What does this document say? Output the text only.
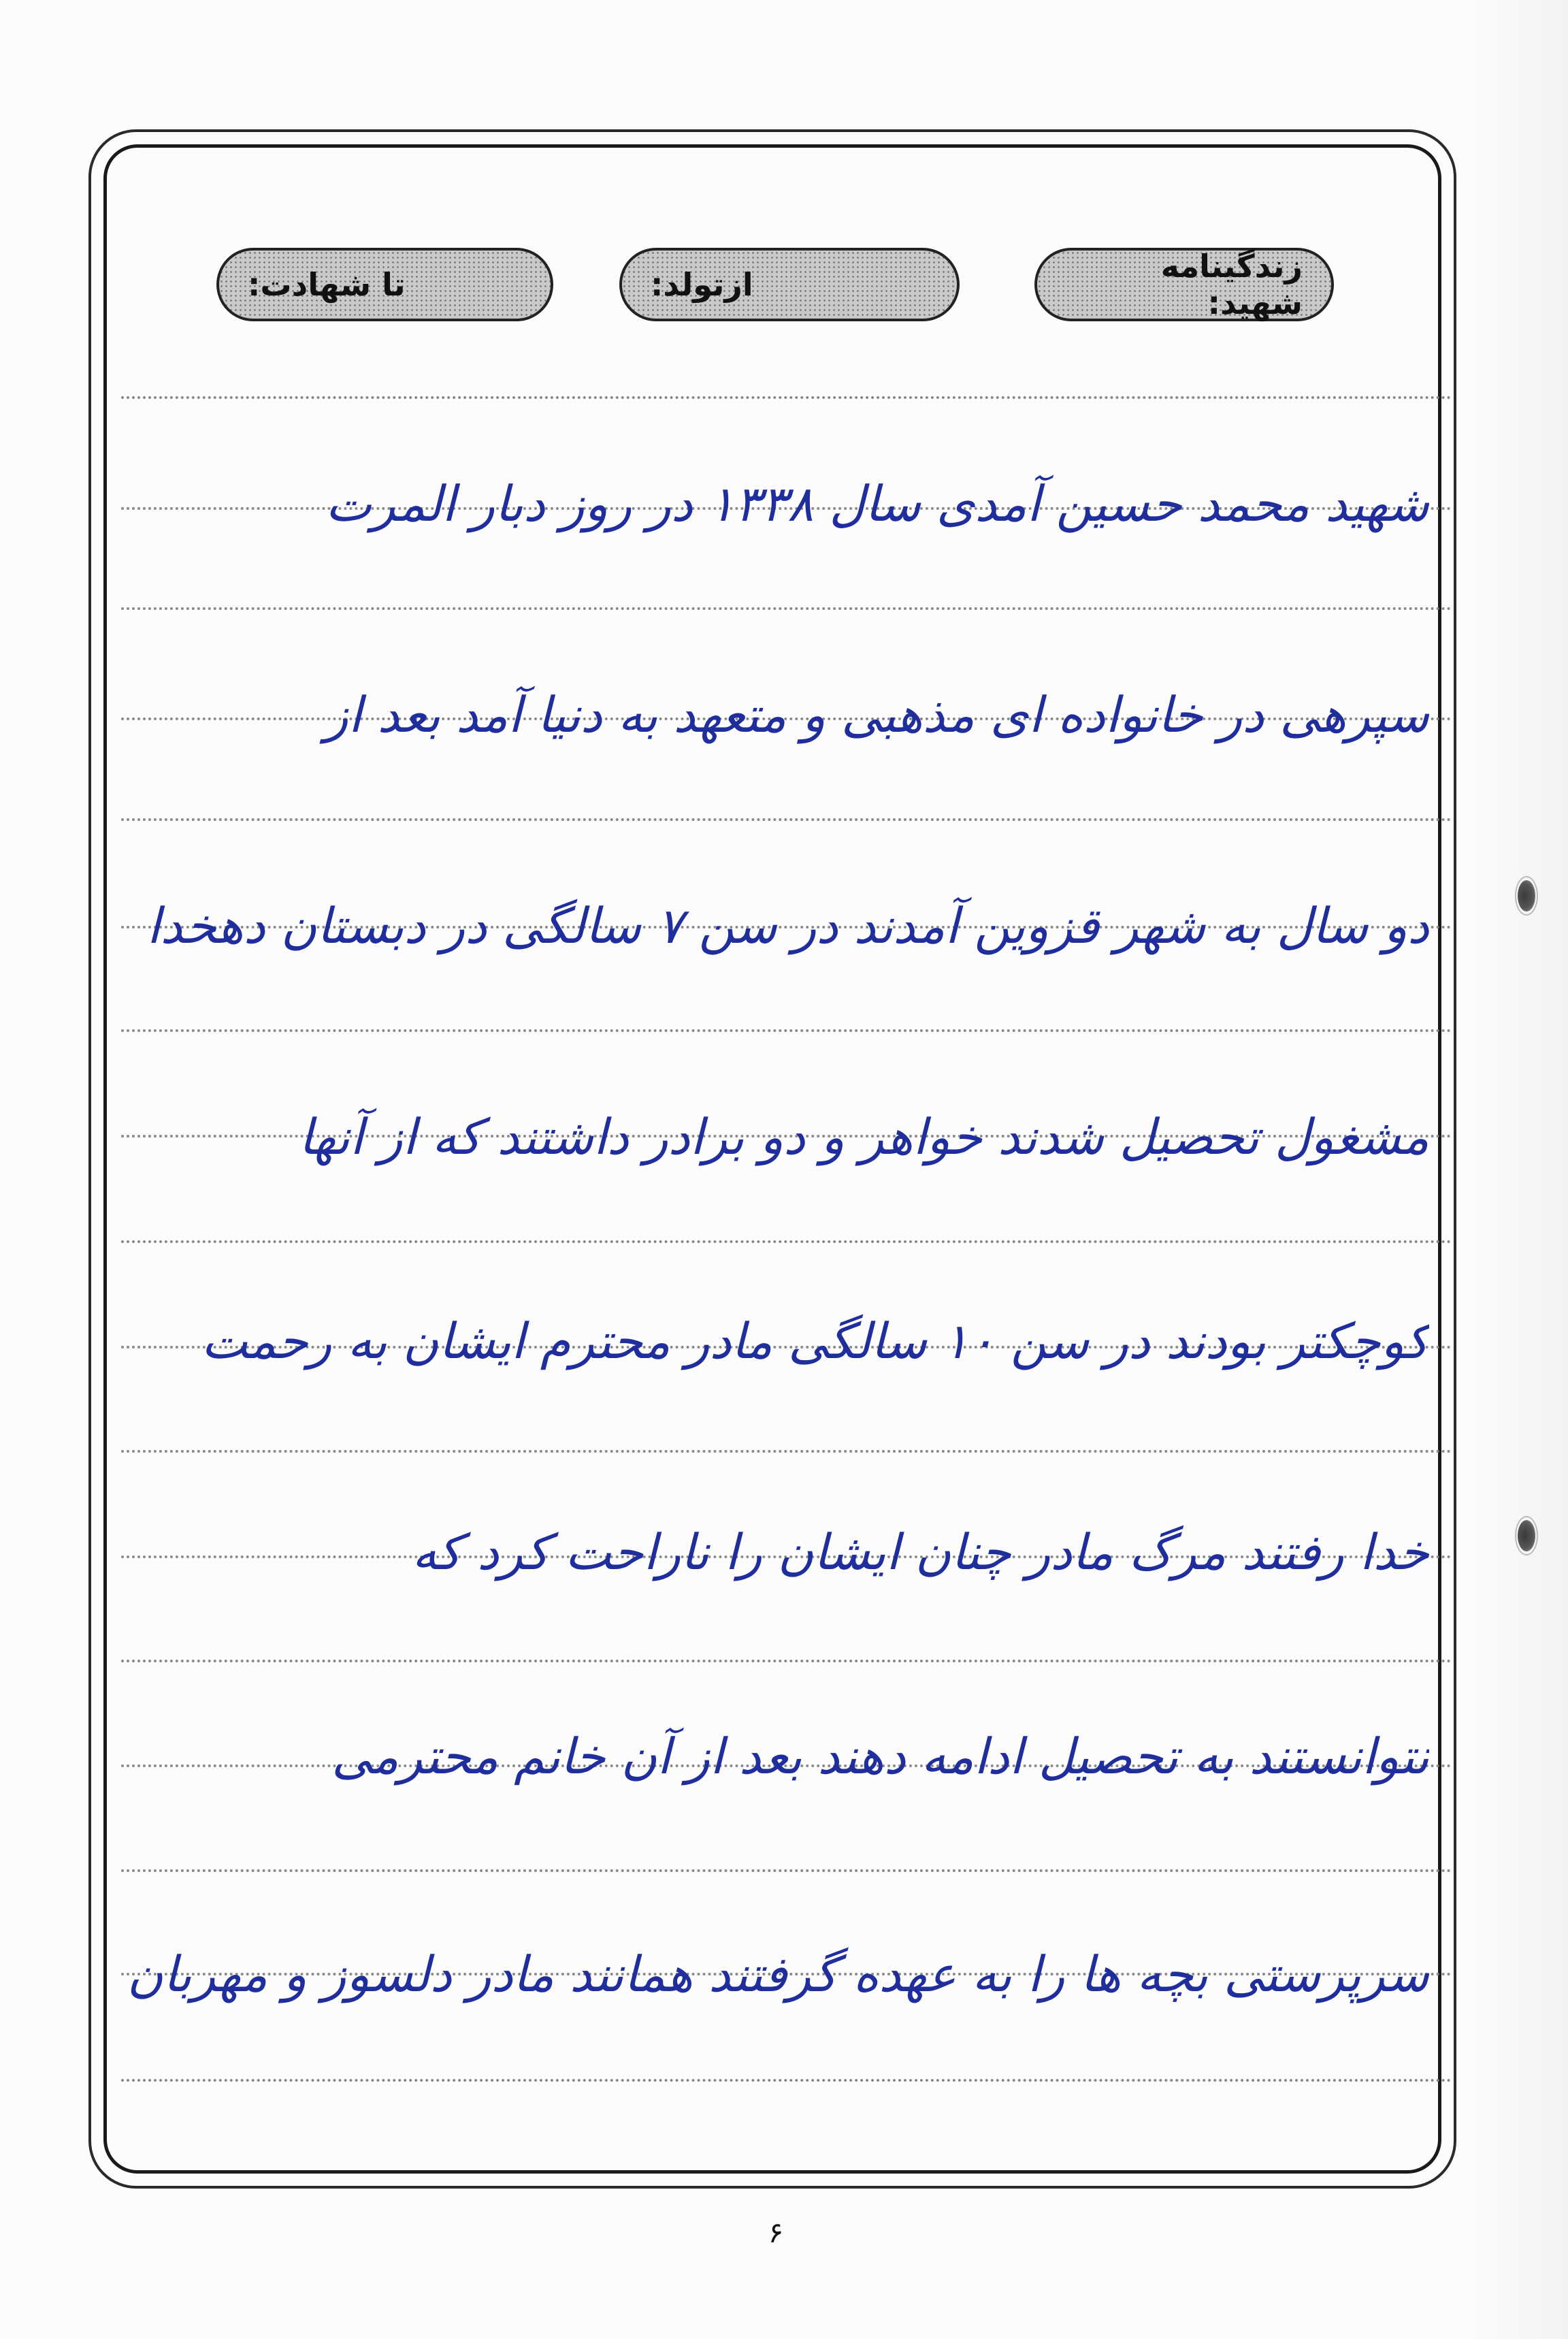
زندگینامه شهید:
ازتولد:
تا شهادت:
شهید محمد حسین آمدی سال ۱۳۳۸ در روز دبار المرت
سپرهی در خانواده ای مذهبی و متعهد به دنیا آمد بعد از
دو سال به شهر قزوین آمدند در سن ۷ سالگی در دبستان دهخدا
مشغول تحصیل شدند خواهر و دو برادر داشتند که از آنها
کوچکتر بودند در سن ۱۰ سالگی مادر محترم ایشان به رحمت
خدا رفتند مرگ مادر چنان ایشان را ناراحت کرد که
نتوانستند به تحصیل ادامه دهند بعد از آن خانم محترمی
سرپرستی بچه ها را به عهده گرفتند همانند مادر دلسوز و مهربان
۶
